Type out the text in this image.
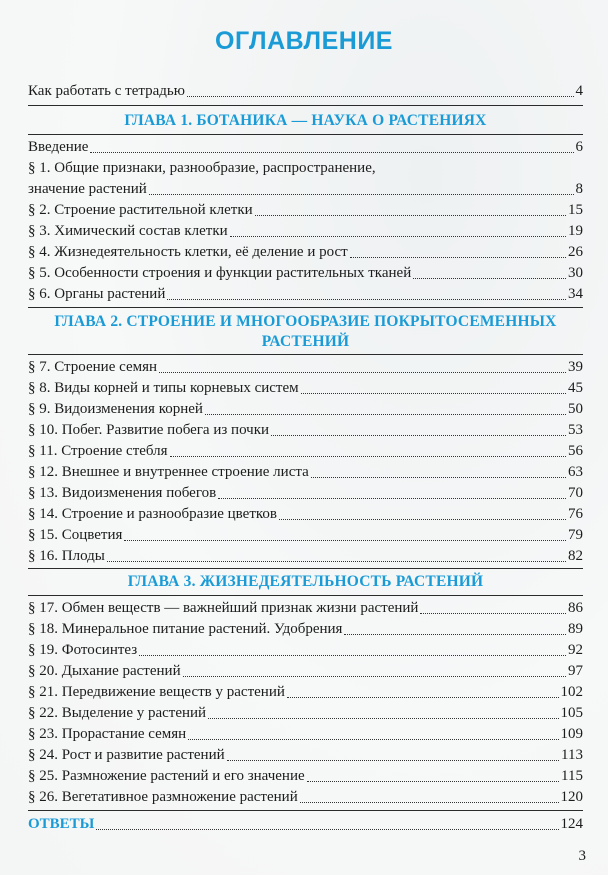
ОГЛАВЛЕНИЕ
Как работать с тетрадью	4
ГЛАВА 1. БОТАНИКА — НАУКА О РАСТЕНИЯХ
Введение	6
§ 1. Общие признаки, разнообразие, распространение,
значение растений	8
§ 2. Строение растительной клетки	15
§ 3. Химический состав клетки	19
§ 4. Жизнедеятельность клетки, её деление и рост	26
§ 5. Особенности строения и функции растительных тканей	30
§ 6. Органы растений	34
ГЛАВА 2. СТРОЕНИЕ И МНОГООБРАЗИЕ ПОКРЫТОСЕМЕННЫХ
РАСТЕНИЙ
§ 7. Строение семян	39
§ 8. Виды корней и типы корневых систем	45
§ 9. Видоизменения корней	50
§ 10. Побег. Развитие побега из почки	53
§ 11. Строение стебля	56
§ 12. Внешнее и внутреннее строение листа	63
§ 13. Видоизменения побегов	70
§ 14. Строение и разнообразие цветков	76
§ 15. Соцветия	79
§ 16. Плоды	82
ГЛАВА 3. ЖИЗНЕДЕЯТЕЛЬНОСТЬ РАСТЕНИЙ
§ 17. Обмен веществ — важнейший признак жизни растений	86
§ 18. Минеральное питание растений. Удобрения	89
§ 19. Фотосинтез	92
§ 20. Дыхание растений	97
§ 21. Передвижение веществ у растений	102
§ 22. Выделение у растений	105
§ 23. Прорастание семян	109
§ 24. Рост и развитие растений	113
§ 25. Размножение растений и его значение	115
§ 26. Вегетативное размножение растений	120
ОТВЕТЫ	124
3
